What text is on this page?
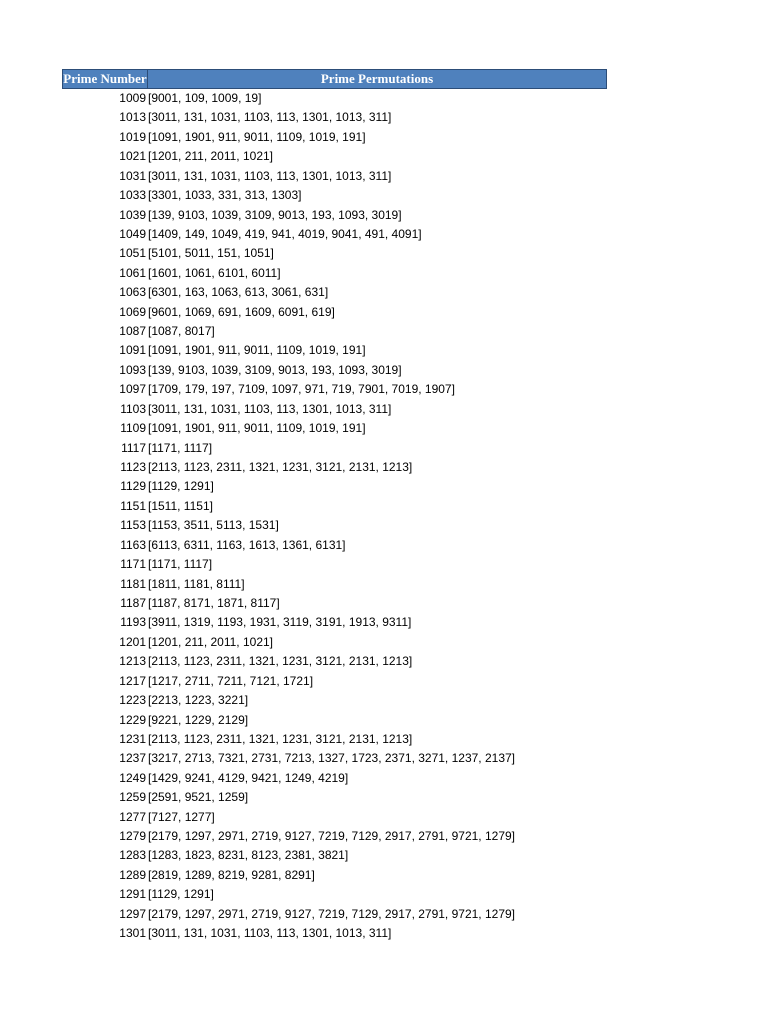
Prime Number	Prime Permutations
1009 [9001, 109, 1009, 19]
1013 [3011, 131, 1031, 1103, 113, 1301, 1013, 311]
1019 [1091, 1901, 911, 9011, 1109, 1019, 191]
1021 [1201, 211, 2011, 1021]
1031 [3011, 131, 1031, 1103, 113, 1301, 1013, 311]
1033 [3301, 1033, 331, 313, 1303]
1039 [139, 9103, 1039, 3109, 9013, 193, 1093, 3019]
1049 [1409, 149, 1049, 419, 941, 4019, 9041, 491, 4091]
1051 [5101, 5011, 151, 1051]
1061 [1601, 1061, 6101, 6011]
1063 [6301, 163, 1063, 613, 3061, 631]
1069 [9601, 1069, 691, 1609, 6091, 619]
1087 [1087, 8017]
1091 [1091, 1901, 911, 9011, 1109, 1019, 191]
1093 [139, 9103, 1039, 3109, 9013, 193, 1093, 3019]
1097 [1709, 179, 197, 7109, 1097, 971, 719, 7901, 7019, 1907]
1103 [3011, 131, 1031, 1103, 113, 1301, 1013, 311]
1109 [1091, 1901, 911, 9011, 1109, 1019, 191]
1117 [1171, 1117]
1123 [2113, 1123, 2311, 1321, 1231, 3121, 2131, 1213]
1129 [1129, 1291]
1151 [1511, 1151]
1153 [1153, 3511, 5113, 1531]
1163 [6113, 6311, 1163, 1613, 1361, 6131]
1171 [1171, 1117]
1181 [1811, 1181, 8111]
1187 [1187, 8171, 1871, 8117]
1193 [3911, 1319, 1193, 1931, 3119, 3191, 1913, 9311]
1201 [1201, 211, 2011, 1021]
1213 [2113, 1123, 2311, 1321, 1231, 3121, 2131, 1213]
1217 [1217, 2711, 7211, 7121, 1721]
1223 [2213, 1223, 3221]
1229 [9221, 1229, 2129]
1231 [2113, 1123, 2311, 1321, 1231, 3121, 2131, 1213]
1237 [3217, 2713, 7321, 2731, 7213, 1327, 1723, 2371, 3271, 1237, 2137]
1249 [1429, 9241, 4129, 9421, 1249, 4219]
1259 [2591, 9521, 1259]
1277 [7127, 1277]
1279 [2179, 1297, 2971, 2719, 9127, 7219, 7129, 2917, 2791, 9721, 1279]
1283 [1283, 1823, 8231, 8123, 2381, 3821]
1289 [2819, 1289, 8219, 9281, 8291]
1291 [1129, 1291]
1297 [2179, 1297, 2971, 2719, 9127, 7219, 7129, 2917, 2791, 9721, 1279]
1301 [3011, 131, 1031, 1103, 113, 1301, 1013, 311]
